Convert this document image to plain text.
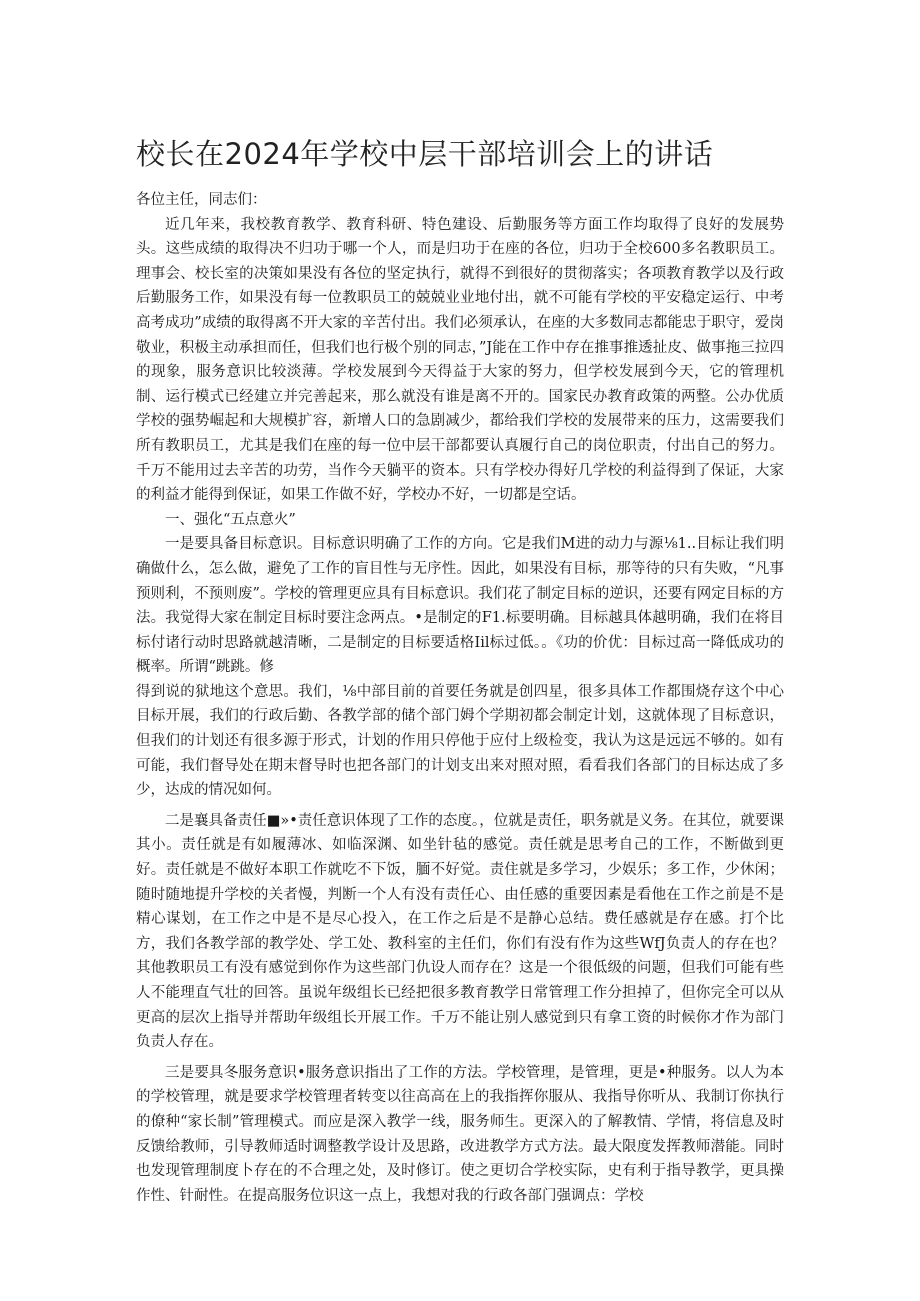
校长在2024年学校中层干部培训会上的讲话

各位主任，同志们：

近几年来，我校教育教学、教育科研、特色建设、后勤服务等方面工作均取得了良好的发展势头。这些成绩的取得决不归功于哪一个人，而是归功于在座的各位，归功于全校600多名教职员工。理事会、校长室的决策如果没有各位的坚定执行，就得不到很好的贯彻落实；各项教育教学以及行政后勤服务工作，如果没有每一位教职员工的兢兢业业地付出，就不可能有学校的平安稳定运行、中考高考成功”成绩的取得离不开大家的辛苦付出。我们必须承认，在座的大多数同志都能忠于职守，爱岗敬业，积极主动承担而任，但我们也行极个别的同志，”J能在工作中存在推事推透扯皮、做事拖三拉四的现象，服务意识比较淡薄。学校发展到今天得益于大家的努力，但学校发展到今天，它的管理机制、运行模式已经建立并完善起来，那么就没有谁是离不开的。国家民办教育政策的两整。公办优质学校的强势崛起和大规模扩容，新增人口的急剧减少，都给我们学校的发展带来的压力，这需要我们所有教职员工，尤其是我们在座的每一位中层干部都要认真履行自己的岗位职责，付出自己的努力。千万不能用过去辛苦的功劳，当作今天躺平的资本。只有学校办得好几学校的利益得到了保证，大家的利益才能得到保证，如果工作做不好，学校办不好，一切都是空话。

一、强化“五点意火”

一是要具备目标意识。目标意识明确了工作的方向。它是我们M进的动力与源⅛1..目标让我们明确做什么，怎么做，避免了工作的盲目性与无序性。因此，如果没有目标，那等待的只有失败，“凡事预则利，不预则废”。学校的管理更应具有目标意识。我们花了制定目标的逆识，还要有网定目标的方法。我觉得大家在制定目标时要注念两点。•是制定的F1.标要明确。目标越具体越明确，我们在将目标付诸行动时思路就越清晰，二是制定的目标要适格Iil标过低。。《功的价优：目标过高一降低成功的概率。所谓“跳跳。修

得到说的狱地这个意思。我们，⅛中部目前的首要任务就是创四星，很多具体工作都围烧存这个中心目标开展，我们的行政后勤、各教学部的储个部门姆个学期初都会制定计划，这就体现了目标意识，但我们的计划还有很多源于形式，计划的作用只停他于应付上级检变，我认为这是远远不够的。如有可能，我们督导处在期末督导时也把各部门的计划支出来对照对照，看看我们各部门的目标达成了多少，达成的情况如何。

二是襄具备责任■»•责任意识体现了工作的态度。，位就是责任，职务就是义务。在其位，就要课其小。责任就是有如履薄冰、如临深渊、如坐针毡的感觉。责任就是思考自己的工作，不断做到更好。责任就是不做好本职工作就吃不下饭，腼不好觉。责住就是多学习，少娱乐；多工作，少休闲；随时随地提升学校的关者慢，判断一个人有没有责任心、由任感的重要因素是看他在工作之前是不是精心谋划，在工作之中是不是尽心投入，在工作之后是不是静心总结。费任感就是存在感。打个比方，我们各教学部的教学处、学工处、教科室的主任们，你们有没有作为这些WfJ负责人的存在也？其他教职员工有没有感觉到你作为这些部门仇设人而存在？这是一个很低级的问题，但我们可能有些人不能理直气壮的回答。虽说年级组长已经把很多教育教学日常管理工作分担掉了，但你完全可以从更高的层次上指导并帮助年级组长开展工作。千万不能让别人感觉到只有拿工资的时候你才作为部门负责人存在。

三是要具冬服务意识•服务意识指出了工作的方法。学校管理，是管理，更是•种服务。以人为本的学校管理，就是要求学校管理者转变以往高高在上的我指挥你服从、我指导你听从、我制订你执行的僚种“家长制”管理模式。而应是深入教学一线，服务师生。更深入的了解教情、学情，将信息及时反馈给教师，引导教师适时调整教学设计及思路，改进教学方式方法。最大限度发挥教师潜能。同时也发现管理制度卜存在的不合理之处，及时修订。使之更切合学校实际，史有利于指导教学，更具操作性、针耐性。在提高服务位识这一点上，我想对我的行政各部门强调点：学校
